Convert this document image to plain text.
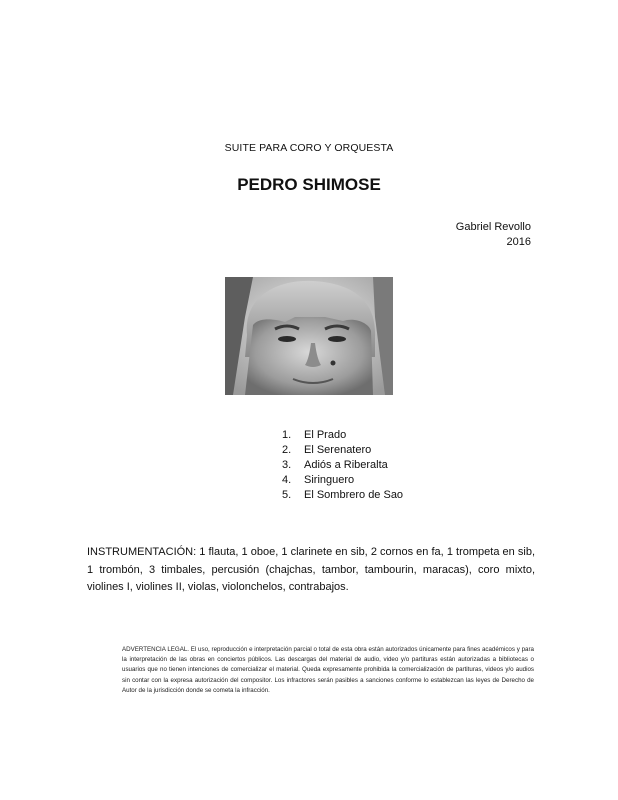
SUITE PARA CORO Y ORQUESTA
PEDRO SHIMOSE
Gabriel Revollo
2016
1. El Prado
2. El Serenatero
3. Adiós a Riberalta
4. Siringuero
5. El Sombrero de Sao
INSTRUMENTACIÓN: 1 flauta, 1 oboe, 1 clarinete en sib, 2 cornos en fa, 1 trompeta en sib, 1 trombón, 3 timbales, percusión (chajchas, tambor, tambourin, maracas), coro mixto, violines I, violines II, violas, violonchelos, contrabajos.
ADVERTENCIA LEGAL. El uso, reproducción e interpretación parcial o total de esta obra están autorizados únicamente para fines académicos y para la interpretación de las obras en conciertos públicos. Las descargas del material de audio, video y/o partituras están autorizadas a bibliotecas o usuarios que no tienen intenciones de comercializar el material. Queda expresamente prohibida la comercialización de partituras, videos y/o audios sin contar con la expresa autorización del compositor. Los infractores serán pasibles a sanciones conforme lo establezcan las leyes de Derecho de Autor de la jurisdicción donde se cometa la infracción.
